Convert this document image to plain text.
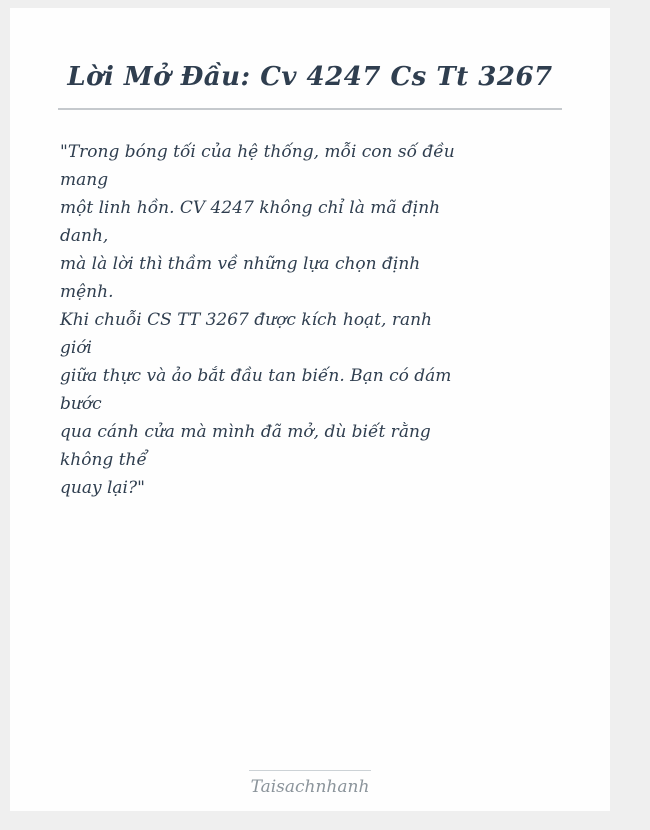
Lời Mở Đầu: Cv 4247 Cs Tt 3267
"Trong bóng tối của hệ thống, mỗi con số đều
mang
một linh hồn. CV 4247 không chỉ là mã định
danh,
mà là lời thì thầm về những lựa chọn định
mệnh.
Khi chuỗi CS TT 3267 được kích hoạt, ranh
giới
giữa thực và ảo bắt đầu tan biến. Bạn có dám
bước
qua cánh cửa mà mình đã mở, dù biết rằng
không thể
quay lại?"
Taisachnhanh
